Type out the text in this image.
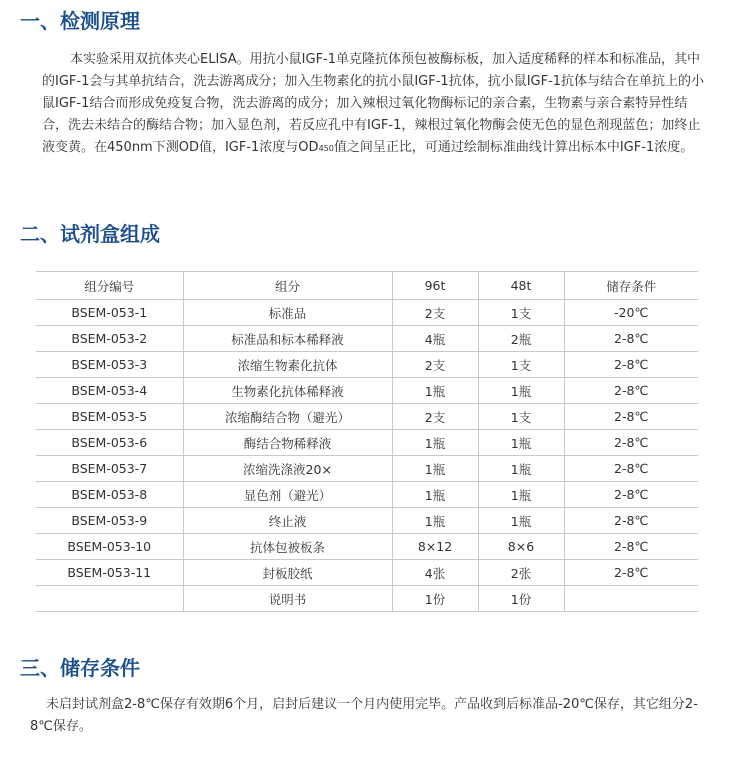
一、检测原理

本实验采用双抗体夹心ELISA。用抗小鼠IGF-1单克隆抗体预包被酶标板，加入适度稀释的样本和标准品，其中的IGF-1会与其单抗结合，洗去游离成分；加入生物素化的抗小鼠IGF-1抗体，抗小鼠IGF-1抗体与结合在单抗上的小鼠IGF-1结合而形成免疫复合物，洗去游离的成分；加入辣根过氧化物酶标记的亲合素，生物素与亲合素特异性结合，洗去未结合的酶结合物；加入显色剂，若反应孔中有IGF-1，辣根过氧化物酶会使无色的显色剂现蓝色；加终止液变黄。在450nm下测OD值，IGF-1浓度与OD450值之间呈正比，可通过绘制标准曲线计算出标本中IGF-1浓度。

二、试剂盒组成
组分编号	组分	96t	48t	储存条件
BSEM-053-1	标准品	2支	1支	-20℃
BSEM-053-2	标准品和标本稀释液	4瓶	2瓶	2-8℃
BSEM-053-3	浓缩生物素化抗体	2支	1支	2-8℃
BSEM-053-4	生物素化抗体稀释液	1瓶	1瓶	2-8℃
BSEM-053-5	浓缩酶结合物（避光）	2支	1支	2-8℃
BSEM-053-6	酶结合物稀释液	1瓶	1瓶	2-8℃
BSEM-053-7	浓缩洗涤液20×	1瓶	1瓶	2-8℃
BSEM-053-8	显色剂（避光）	1瓶	1瓶	2-8℃
BSEM-053-9	终止液	1瓶	1瓶	2-8℃
BSEM-053-10	抗体包被板条	8×12	8×6	2-8℃
BSEM-053-11	封板胶纸	4张	2张	2-8℃
	说明书	1份	1份	
三、储存条件

未启封试剂盒2-8℃保存有效期6个月，启封后建议一个月内使用完毕。产品收到后标准品-20℃保存，其它组分2-8℃保存。
